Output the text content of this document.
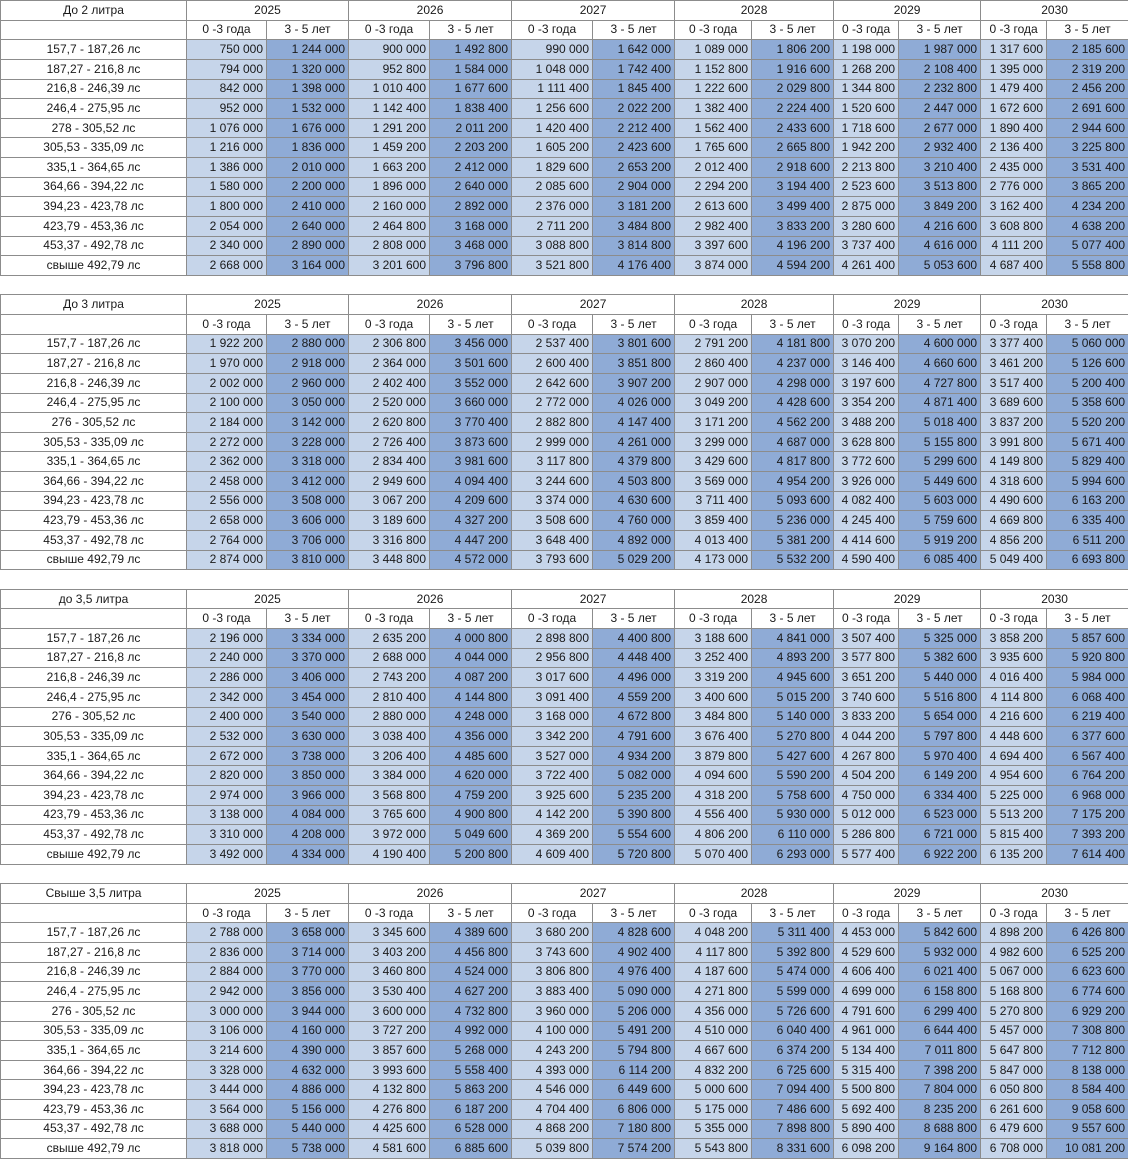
До 2 литра	2025		2026		2027		2028		2029		2030	
	0 -3 года	3 - 5 лет	0 -3 года	3 - 5 лет	0 -3 года	3 - 5 лет	0 -3 года	3 - 5 лет	0 -3 года	3 - 5 лет	0 -3 года	3 - 5 лет
157,7 - 187,26 лс	750 000	1 244 000	900 000	1 492 800	990 000	1 642 000	1 089 000	1 806 200	1 198 000	1 987 000	1 317 600	2 185 600
187,27 - 216,8 лс	794 000	1 320 000	952 800	1 584 000	1 048 000	1 742 400	1 152 800	1 916 600	1 268 200	2 108 400	1 395 000	2 319 200
216,8 - 246,39 лс	842 000	1 398 000	1 010 400	1 677 600	1 111 400	1 845 400	1 222 600	2 029 800	1 344 800	2 232 800	1 479 400	2 456 200
246,4 - 275,95 лс	952 000	1 532 000	1 142 400	1 838 400	1 256 600	2 022 200	1 382 400	2 224 400	1 520 600	2 447 000	1 672 600	2 691 600
278 - 305,52 лс	1 076 000	1 676 000	1 291 200	2 011 200	1 420 400	2 212 400	1 562 400	2 433 600	1 718 600	2 677 000	1 890 400	2 944 600
305,53 - 335,09 лс	1 216 000	1 836 000	1 459 200	2 203 200	1 605 200	2 423 600	1 765 600	2 665 800	1 942 200	2 932 400	2 136 400	3 225 800
335,1 - 364,65 лс	1 386 000	2 010 000	1 663 200	2 412 000	1 829 600	2 653 200	2 012 400	2 918 600	2 213 800	3 210 400	2 435 000	3 531 400
364,66 - 394,22 лс	1 580 000	2 200 000	1 896 000	2 640 000	2 085 600	2 904 000	2 294 200	3 194 400	2 523 600	3 513 800	2 776 000	3 865 200
394,23 - 423,78 лс	1 800 000	2 410 000	2 160 000	2 892 000	2 376 000	3 181 200	2 613 600	3 499 400	2 875 000	3 849 200	3 162 400	4 234 200
423,79 - 453,36 лс	2 054 000	2 640 000	2 464 800	3 168 000	2 711 200	3 484 800	2 982 400	3 833 200	3 280 600	4 216 600	3 608 800	4 638 200
453,37 - 492,78 лс	2 340 000	2 890 000	2 808 000	3 468 000	3 088 800	3 814 800	3 397 600	4 196 200	3 737 400	4 616 000	4 111 200	5 077 400
свыше 492,79 лс	2 668 000	3 164 000	3 201 600	3 796 800	3 521 800	4 176 400	3 874 000	4 594 200	4 261 400	5 053 600	4 687 400	5 558 800

До 3 литра	2025		2026		2027		2028		2029		2030	
	0 -3 года	3 - 5 лет	0 -3 года	3 - 5 лет	0 -3 года	3 - 5 лет	0 -3 года	3 - 5 лет	0 -3 года	3 - 5 лет	0 -3 года	3 - 5 лет
157,7 - 187,26 лс	1 922 200	2 880 000	2 306 800	3 456 000	2 537 400	3 801 600	2 791 200	4 181 800	3 070 200	4 600 000	3 377 400	5 060 000
187,27 - 216,8 лс	1 970 000	2 918 000	2 364 000	3 501 600	2 600 400	3 851 800	2 860 400	4 237 000	3 146 400	4 660 600	3 461 200	5 126 600
216,8 - 246,39 лс	2 002 000	2 960 000	2 402 400	3 552 000	2 642 600	3 907 200	2 907 000	4 298 000	3 197 600	4 727 800	3 517 400	5 200 400
246,4 - 275,95 лс	2 100 000	3 050 000	2 520 000	3 660 000	2 772 000	4 026 000	3 049 200	4 428 600	3 354 200	4 871 400	3 689 600	5 358 600
276 - 305,52 лс	2 184 000	3 142 000	2 620 800	3 770 400	2 882 800	4 147 400	3 171 200	4 562 200	3 488 200	5 018 400	3 837 200	5 520 200
305,53 - 335,09 лс	2 272 000	3 228 000	2 726 400	3 873 600	2 999 000	4 261 000	3 299 000	4 687 000	3 628 800	5 155 800	3 991 800	5 671 400
335,1 - 364,65 лс	2 362 000	3 318 000	2 834 400	3 981 600	3 117 800	4 379 800	3 429 600	4 817 800	3 772 600	5 299 600	4 149 800	5 829 400
364,66 - 394,22 лс	2 458 000	3 412 000	2 949 600	4 094 400	3 244 600	4 503 800	3 569 000	4 954 200	3 926 000	5 449 600	4 318 600	5 994 600
394,23 - 423,78 лс	2 556 000	3 508 000	3 067 200	4 209 600	3 374 000	4 630 600	3 711 400	5 093 600	4 082 400	5 603 000	4 490 600	6 163 200
423,79 - 453,36 лс	2 658 000	3 606 000	3 189 600	4 327 200	3 508 600	4 760 000	3 859 400	5 236 000	4 245 400	5 759 600	4 669 800	6 335 400
453,37 - 492,78 лс	2 764 000	3 706 000	3 316 800	4 447 200	3 648 400	4 892 000	4 013 400	5 381 200	4 414 600	5 919 200	4 856 200	6 511 200
свыше 492,79 лс	2 874 000	3 810 000	3 448 800	4 572 000	3 793 600	5 029 200	4 173 000	5 532 200	4 590 400	6 085 400	5 049 400	6 693 800

до 3,5 литра	2025		2026		2027		2028		2029		2030	
	0 -3 года	3 - 5 лет	0 -3 года	3 - 5 лет	0 -3 года	3 - 5 лет	0 -3 года	3 - 5 лет	0 -3 года	3 - 5 лет	0 -3 года	3 - 5 лет
157,7 - 187,26 лс	2 196 000	3 334 000	2 635 200	4 000 800	2 898 800	4 400 800	3 188 600	4 841 000	3 507 400	5 325 000	3 858 200	5 857 600
187,27 - 216,8 лс	2 240 000	3 370 000	2 688 000	4 044 000	2 956 800	4 448 400	3 252 400	4 893 200	3 577 800	5 382 600	3 935 600	5 920 800
216,8 - 246,39 лс	2 286 000	3 406 000	2 743 200	4 087 200	3 017 600	4 496 000	3 319 200	4 945 600	3 651 200	5 440 000	4 016 400	5 984 000
246,4 - 275,95 лс	2 342 000	3 454 000	2 810 400	4 144 800	3 091 400	4 559 200	3 400 600	5 015 200	3 740 600	5 516 800	4 114 800	6 068 400
276 - 305,52 лс	2 400 000	3 540 000	2 880 000	4 248 000	3 168 000	4 672 800	3 484 800	5 140 000	3 833 200	5 654 000	4 216 600	6 219 400
305,53 - 335,09 лс	2 532 000	3 630 000	3 038 400	4 356 000	3 342 200	4 791 600	3 676 400	5 270 800	4 044 200	5 797 800	4 448 600	6 377 600
335,1 - 364,65 лс	2 672 000	3 738 000	3 206 400	4 485 600	3 527 000	4 934 200	3 879 800	5 427 600	4 267 800	5 970 400	4 694 400	6 567 400
364,66 - 394,22 лс	2 820 000	3 850 000	3 384 000	4 620 000	3 722 400	5 082 000	4 094 600	5 590 200	4 504 200	6 149 200	4 954 600	6 764 200
394,23 - 423,78 лс	2 974 000	3 966 000	3 568 800	4 759 200	3 925 600	5 235 200	4 318 200	5 758 600	4 750 000	6 334 400	5 225 000	6 968 000
423,79 - 453,36 лс	3 138 000	4 084 000	3 765 600	4 900 800	4 142 200	5 390 800	4 556 400	5 930 000	5 012 000	6 523 000	5 513 200	7 175 200
453,37 - 492,78 лс	3 310 000	4 208 000	3 972 000	5 049 600	4 369 200	5 554 600	4 806 200	6 110 000	5 286 800	6 721 000	5 815 400	7 393 200
свыше 492,79 лс	3 492 000	4 334 000	4 190 400	5 200 800	4 609 400	5 720 800	5 070 400	6 293 000	5 577 400	6 922 200	6 135 200	7 614 400

Свыше 3,5 литра	2025		2026		2027		2028		2029		2030	
	0 -3 года	3 - 5 лет	0 -3 года	3 - 5 лет	0 -3 года	3 - 5 лет	0 -3 года	3 - 5 лет	0 -3 года	3 - 5 лет	0 -3 года	3 - 5 лет
157,7 - 187,26 лс	2 788 000	3 658 000	3 345 600	4 389 600	3 680 200	4 828 600	4 048 200	5 311 400	4 453 000	5 842 600	4 898 200	6 426 800
187,27 - 216,8 лс	2 836 000	3 714 000	3 403 200	4 456 800	3 743 600	4 902 400	4 117 800	5 392 800	4 529 600	5 932 000	4 982 600	6 525 200
216,8 - 246,39 лс	2 884 000	3 770 000	3 460 800	4 524 000	3 806 800	4 976 400	4 187 600	5 474 000	4 606 400	6 021 400	5 067 000	6 623 600
246,4 - 275,95 лс	2 942 000	3 856 000	3 530 400	4 627 200	3 883 400	5 090 000	4 271 800	5 599 000	4 699 000	6 158 800	5 168 800	6 774 600
276 - 305,52 лс	3 000 000	3 944 000	3 600 000	4 732 800	3 960 000	5 206 000	4 356 000	5 726 600	4 791 600	6 299 400	5 270 800	6 929 200
305,53 - 335,09 лс	3 106 000	4 160 000	3 727 200	4 992 000	4 100 000	5 491 200	4 510 000	6 040 400	4 961 000	6 644 400	5 457 000	7 308 800
335,1 - 364,65 лс	3 214 600	4 390 000	3 857 600	5 268 000	4 243 200	5 794 800	4 667 600	6 374 200	5 134 400	7 011 800	5 647 800	7 712 800
364,66 - 394,22 лс	3 328 000	4 632 000	3 993 600	5 558 400	4 393 000	6 114 200	4 832 200	6 725 600	5 315 400	7 398 200	5 847 000	8 138 000
394,23 - 423,78 лс	3 444 000	4 886 000	4 132 800	5 863 200	4 546 000	6 449 600	5 000 600	7 094 400	5 500 800	7 804 000	6 050 800	8 584 400
423,79 - 453,36 лс	3 564 000	5 156 000	4 276 800	6 187 200	4 704 400	6 806 000	5 175 000	7 486 600	5 692 400	8 235 200	6 261 600	9 058 600
453,37 - 492,78 лс	3 688 000	5 440 000	4 425 600	6 528 000	4 868 200	7 180 800	5 355 000	7 898 800	5 890 400	8 688 800	6 479 600	9 557 600
свыше 492,79 лс	3 818 000	5 738 000	4 581 600	6 885 600	5 039 800	7 574 200	5 543 800	8 331 600	6 098 200	9 164 800	6 708 000	10 081 200
